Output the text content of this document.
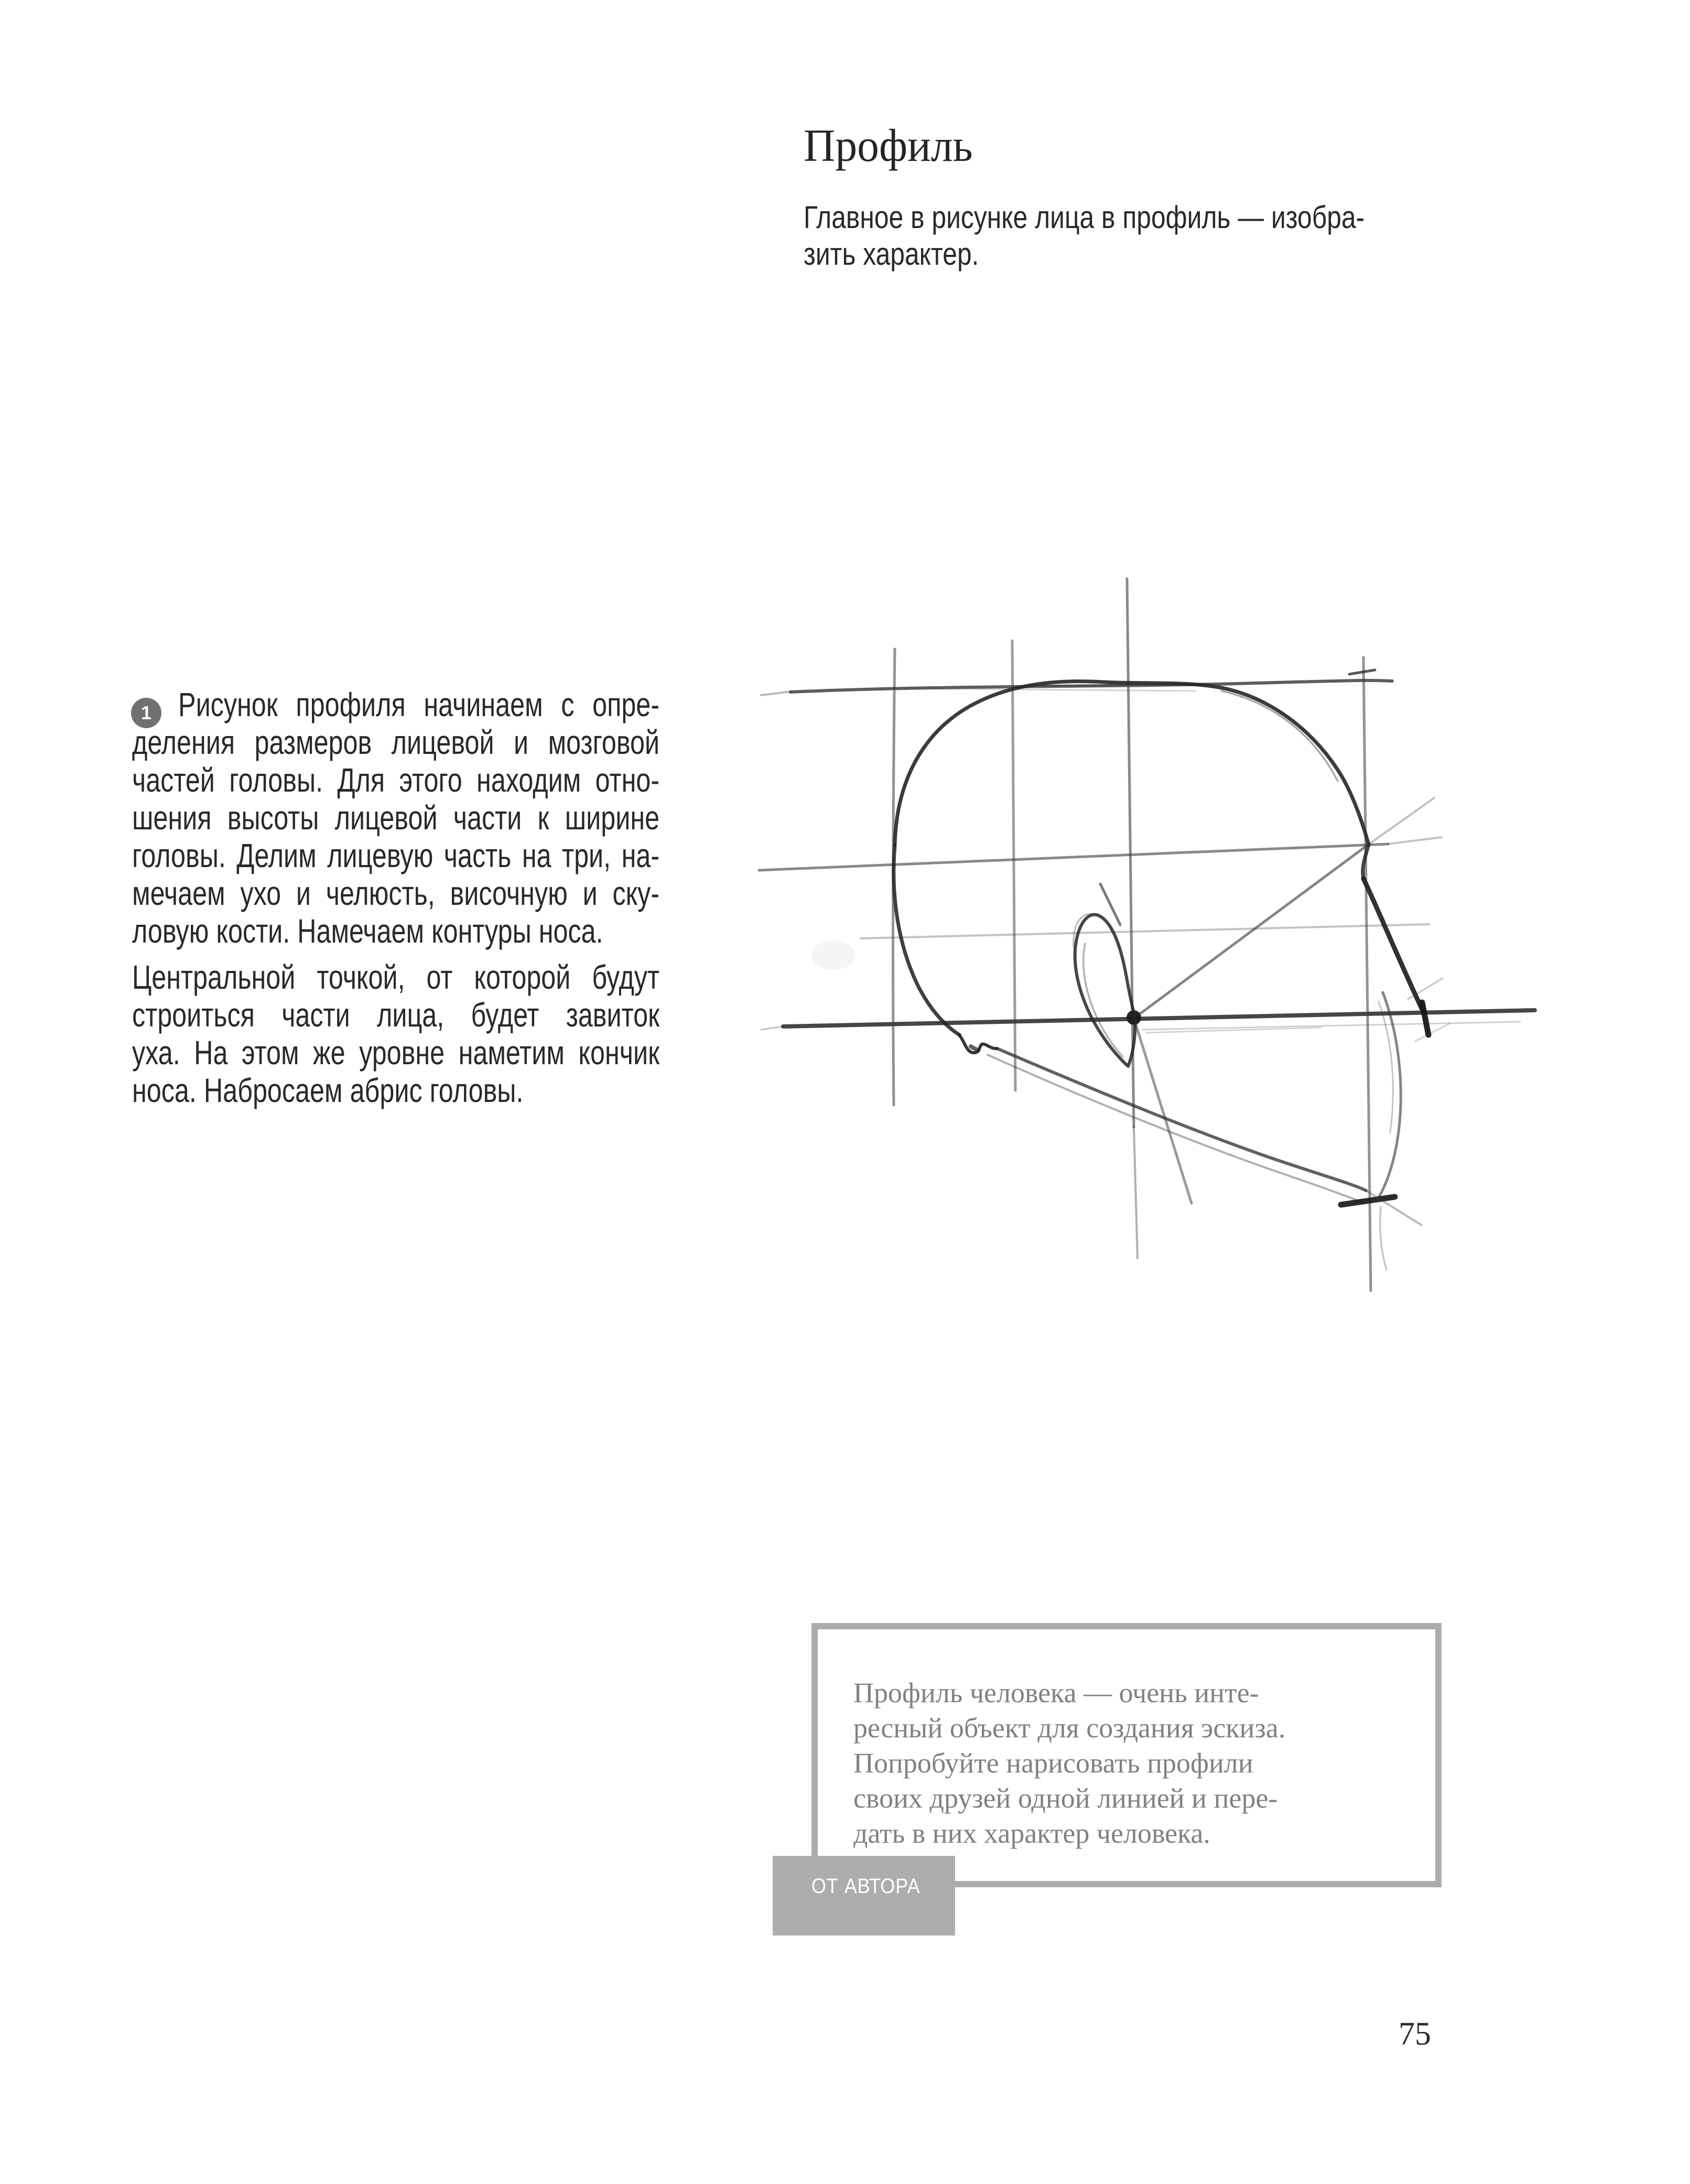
Профиль
Главное в рисунке лица в профиль — изобра-
зить характер.
1 Рисунок профиля начинаем с опре-
деления размеров лицевой и мозговой
частей головы. Для этого находим отно-
шения высоты лицевой части к ширине
головы. Делим лицевую часть на три, на-
мечаем ухо и челюсть, височную и ску-
ловую кости. Намечаем контуры носа.
Центральной точкой, от которой будут
строиться части лица, будет завиток
уха. На этом же уровне наметим кончик
носа. Набросаем абрис головы.
Профиль человека — очень инте-
ресный объект для создания эскиза.
Попробуйте нарисовать профили
своих друзей одной линией и пере-
дать в них характер человека.
ОТ АВТОРА
75
